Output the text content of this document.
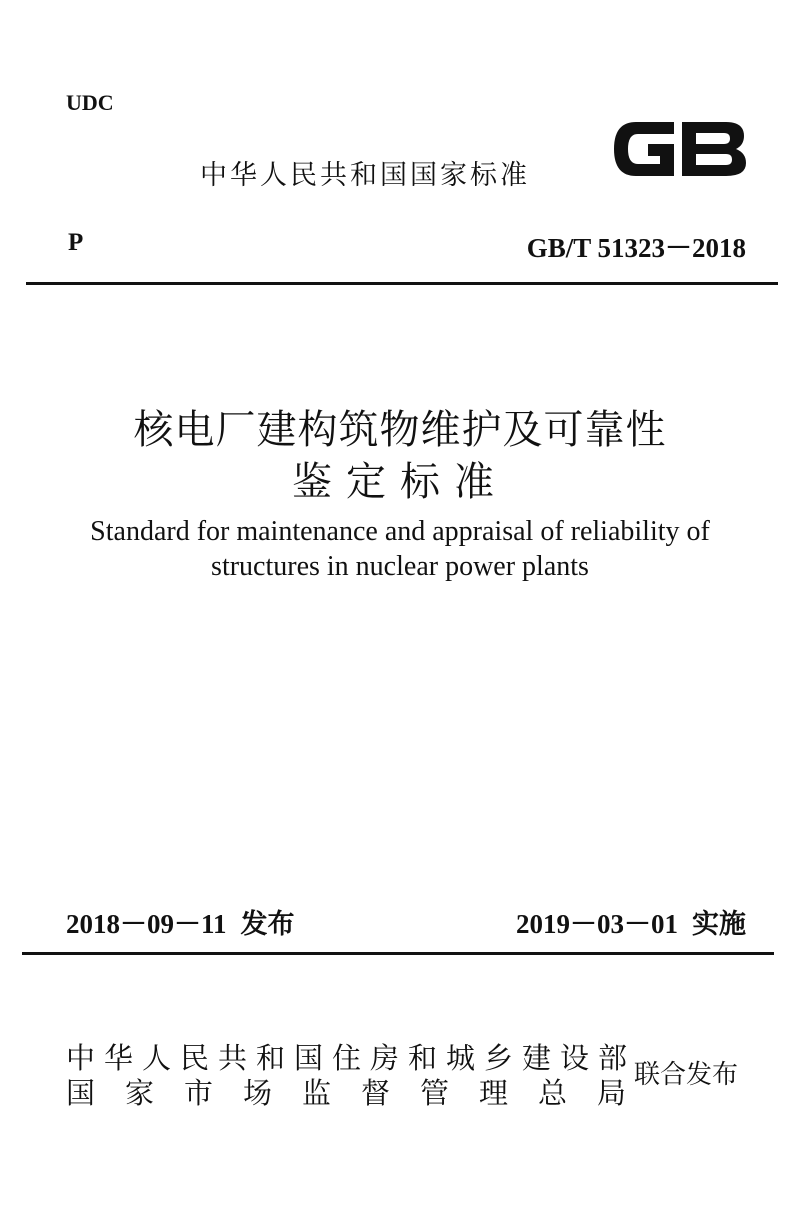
UDC
中华人民共和国国家标准
P	GB/T 51323－2018
核电厂建构筑物维护及可靠性
鉴定标准
Standard for maintenance and appraisal of reliability of
structures in nuclear power plants
2018－09－11 发布	2019－03－01 实施
中华人民共和国住房和城乡建设部
国家市场监督管理总局
联合发布
